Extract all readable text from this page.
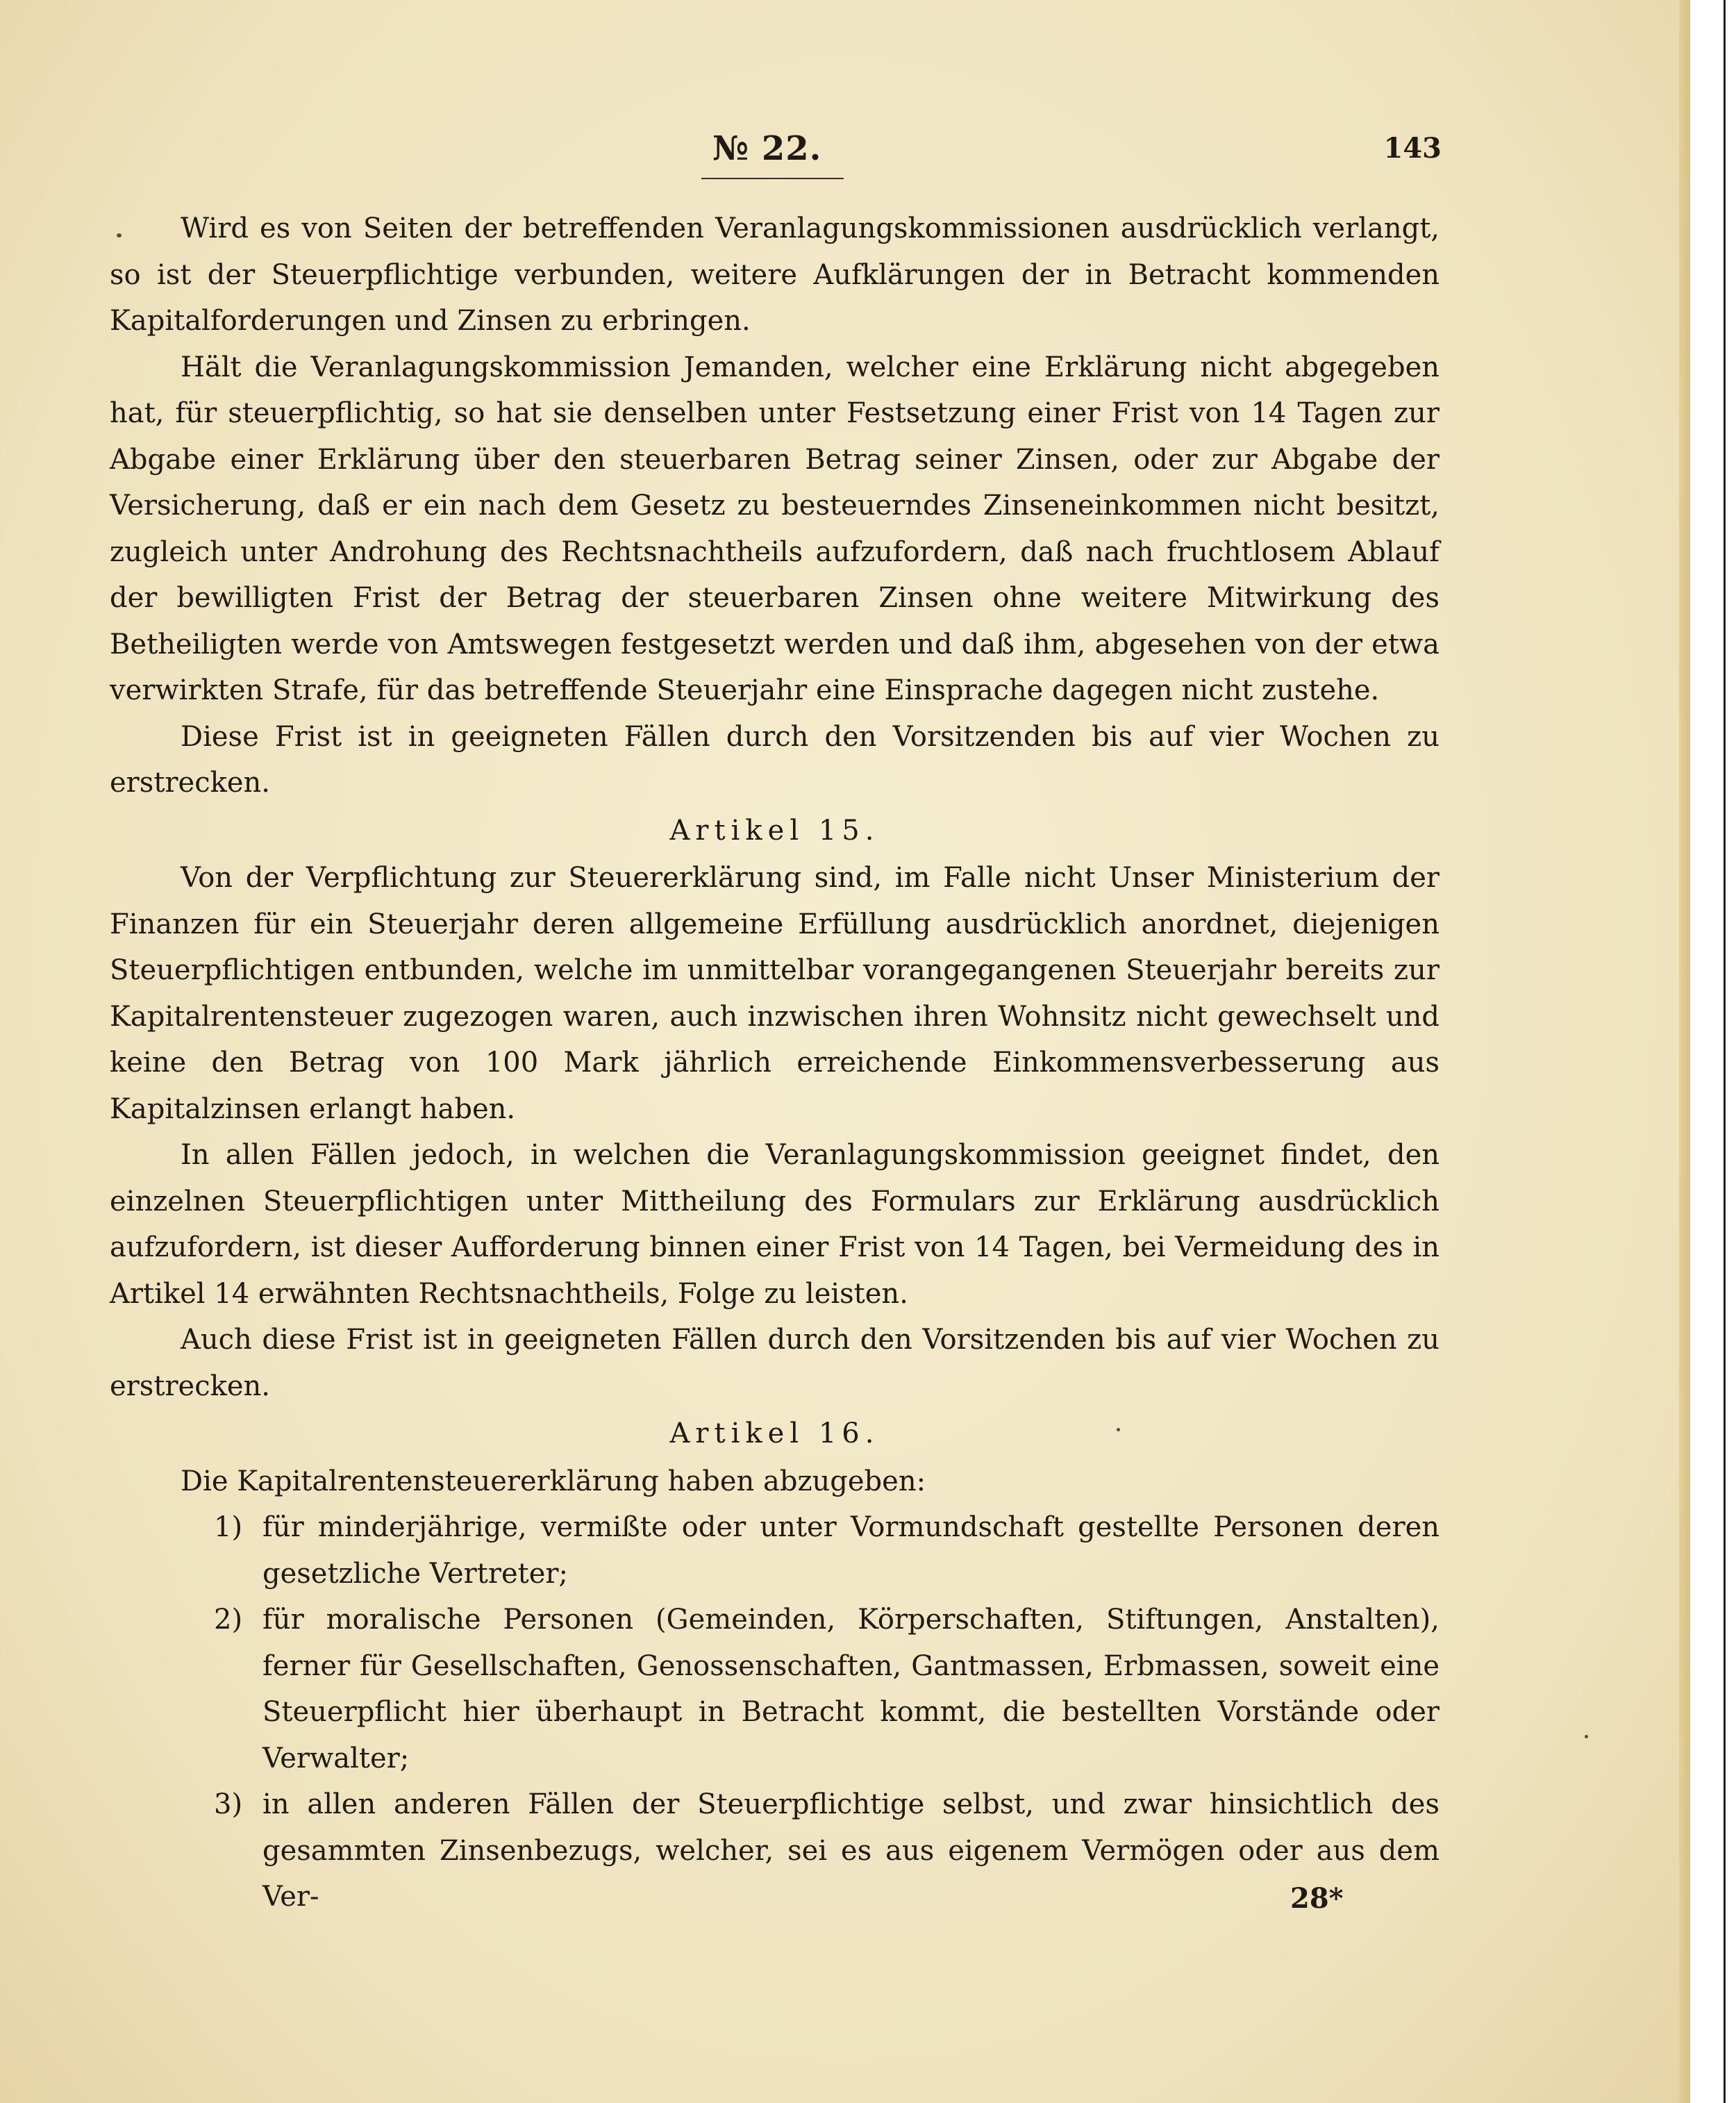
№ 22.	143

Wird es von Seiten der betreffenden Veranlagungskommissionen ausdrücklich verlangt, so ist der Steuerpflichtige verbunden, weitere Aufklärungen der in Betracht kommenden Kapitalforderungen und Zinsen zu erbringen.

Hält die Veranlagungskommission Jemanden, welcher eine Erklärung nicht abgegeben hat, für steuerpflichtig, so hat sie denselben unter Festsetzung einer Frist von 14 Tagen zur Abgabe einer Erklärung über den steuerbaren Betrag seiner Zinsen, oder zur Abgabe der Versicherung, daß er ein nach dem Gesetz zu besteuerndes Zinseneinkommen nicht besitzt, zugleich unter Androhung des Rechtsnachtheils aufzufordern, daß nach fruchtlosem Ablauf der bewilligten Frist der Betrag der steuerbaren Zinsen ohne weitere Mitwirkung des Betheiligten werde von Amtswegen festgesetzt werden und daß ihm, abgesehen von der etwa verwirkten Strafe, für das betreffende Steuerjahr eine Einsprache dagegen nicht zustehe.

Diese Frist ist in geeigneten Fällen durch den Vorsitzenden bis auf vier Wochen zu erstrecken.

Artikel 15.

Von der Verpflichtung zur Steuererklärung sind, im Falle nicht Unser Ministerium der Finanzen für ein Steuerjahr deren allgemeine Erfüllung ausdrücklich anordnet, diejenigen Steuerpflichtigen entbunden, welche im unmittelbar vorangegangenen Steuerjahr bereits zur Kapitalrentensteuer zugezogen waren, auch inzwischen ihren Wohnsitz nicht gewechselt und keine den Betrag von 100 Mark jährlich erreichende Einkommensverbesserung aus Kapitalzinsen erlangt haben.

In allen Fällen jedoch, in welchen die Veranlagungskommission geeignet findet, den einzelnen Steuerpflichtigen unter Mittheilung des Formulars zur Erklärung ausdrücklich aufzufordern, ist dieser Aufforderung binnen einer Frist von 14 Tagen, bei Vermeidung des in Artikel 14 erwähnten Rechtsnachtheils, Folge zu leisten.

Auch diese Frist ist in geeigneten Fällen durch den Vorsitzenden bis auf vier Wochen zu erstrecken.

Artikel 16.

Die Kapitalrentensteuererklärung haben abzugeben:

1) für minderjährige, vermißte oder unter Vormundschaft gestellte Personen deren gesetzliche Vertreter;
2) für moralische Personen (Gemeinden, Körperschaften, Stiftungen, Anstalten), ferner für Gesellschaften, Genossenschaften, Gantmassen, Erbmassen, soweit eine Steuerpflicht hier überhaupt in Betracht kommt, die bestellten Vorstände oder Verwalter;
3) in allen anderen Fällen der Steuerpflichtige selbst, und zwar hinsichtlich des gesammten Zinsenbezugs, welcher, sei es aus eigenem Vermögen oder aus dem Ver-	28*
